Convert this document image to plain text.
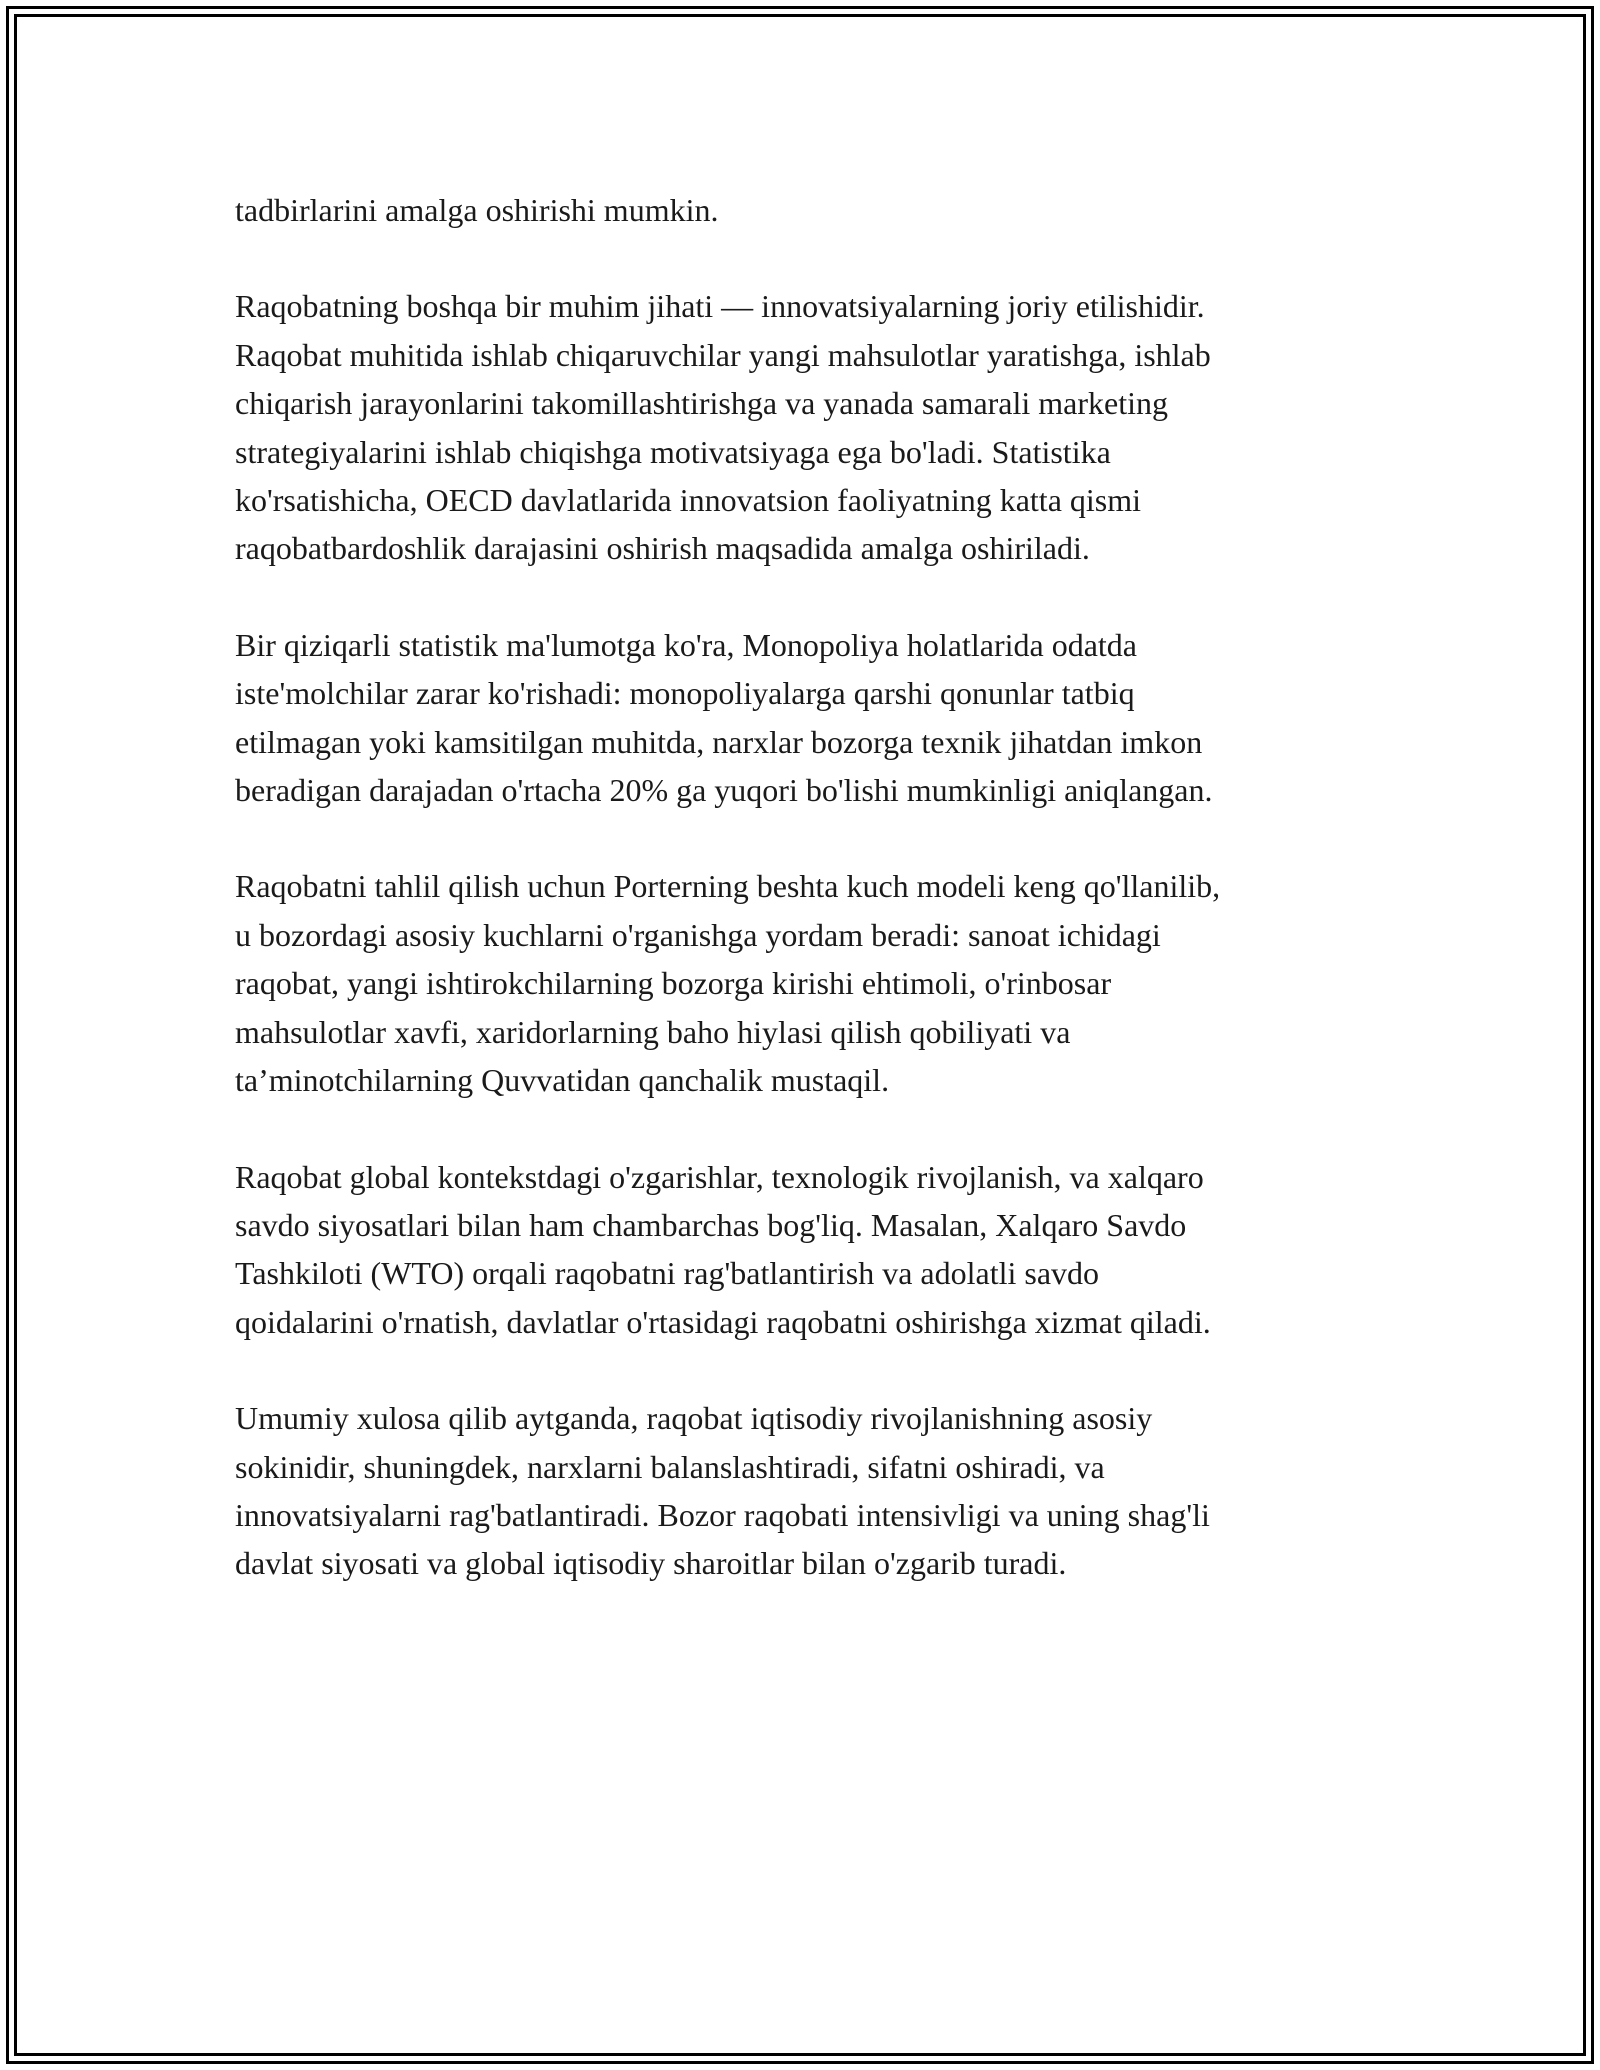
tadbirlarini amalga oshirishi mumkin.

Raqobatning boshqa bir muhim jihati — innovatsiyalarning joriy etilishidir.
Raqobat muhitida ishlab chiqaruvchilar yangi mahsulotlar yaratishga, ishlab
chiqarish jarayonlarini takomillashtirishga va yanada samarali marketing
strategiyalarini ishlab chiqishga motivatsiyaga ega bo'ladi. Statistika
ko'rsatishicha, OECD davlatlarida innovatsion faoliyatning katta qismi
raqobatbardoshlik darajasini oshirish maqsadida amalga oshiriladi.

Bir qiziqarli statistik ma'lumotga ko'ra, Monopoliya holatlarida odatda
iste'molchilar zarar ko'rishadi: monopoliyalarga qarshi qonunlar tatbiq
etilmagan yoki kamsitilgan muhitda, narxlar bozorga texnik jihatdan imkon
beradigan darajadan o'rtacha 20% ga yuqori bo'lishi mumkinligi aniqlangan.

Raqobatni tahlil qilish uchun Porterning beshta kuch modeli keng qo'llanilib,
u bozordagi asosiy kuchlarni o'rganishga yordam beradi: sanoat ichidagi
raqobat, yangi ishtirokchilarning bozorga kirishi ehtimoli, o'rinbosar
mahsulotlar xavfi, xaridorlarning baho hiylasi qilish qobiliyati va
ta’minotchilarning Quvvatidan qanchalik mustaqil.

Raqobat global kontekstdagi o'zgarishlar, texnologik rivojlanish, va xalqaro
savdo siyosatlari bilan ham chambarchas bog'liq. Masalan, Xalqaro Savdo
Tashkiloti (WTO) orqali raqobatni rag'batlantirish va adolatli savdo
qoidalarini o'rnatish, davlatlar o'rtasidagi raqobatni oshirishga xizmat qiladi.

Umumiy xulosa qilib aytganda, raqobat iqtisodiy rivojlanishning asosiy
sokinidir, shuningdek, narxlarni balanslashtiradi, sifatni oshiradi, va
innovatsiyalarni rag'batlantiradi. Bozor raqobati intensivligi va uning shag'li
davlat siyosati va global iqtisodiy sharoitlar bilan o'zgarib turadi.
